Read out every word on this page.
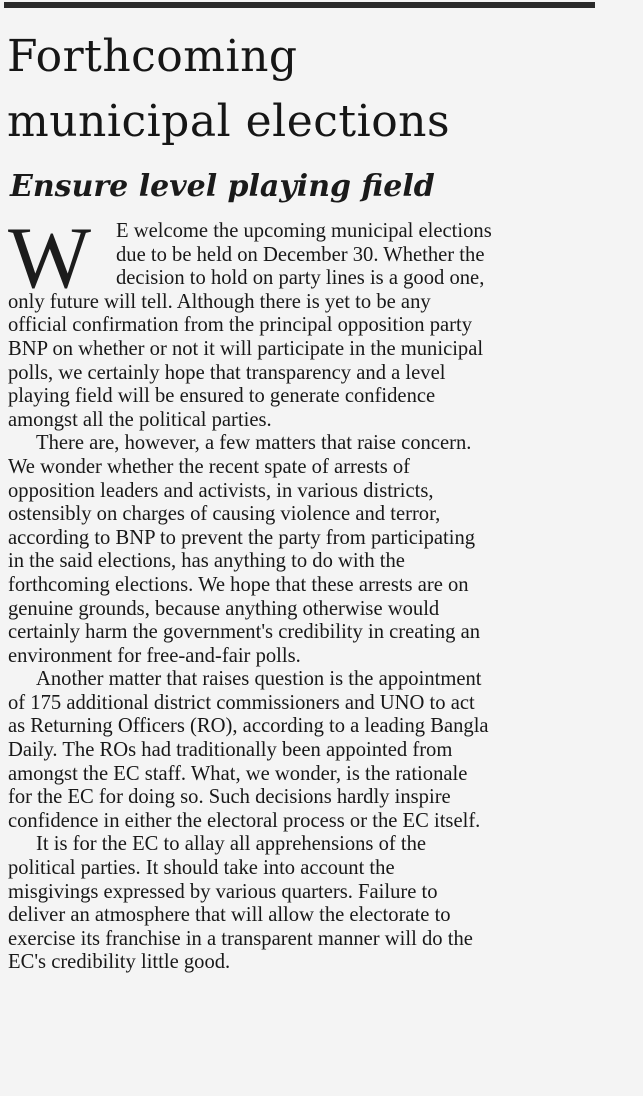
Forthcoming
municipal elections
Ensure level playing field
W E welcome the upcoming municipal elections
due to be held on December 30. Whether the
decision to hold on party lines is a good one,
only future will tell. Although there is yet to be any
official confirmation from the principal opposition party
BNP on whether or not it will participate in the municipal
polls, we certainly hope that transparency and a level
playing field will be ensured to generate confidence
amongst all the political parties.
There are, however, a few matters that raise concern.
We wonder whether the recent spate of arrests of
opposition leaders and activists, in various districts,
ostensibly on charges of causing violence and terror,
according to BNP to prevent the party from participating
in the said elections, has anything to do with the
forthcoming elections. We hope that these arrests are on
genuine grounds, because anything otherwise would
certainly harm the government's credibility in creating an
environment for free-and-fair polls.
Another matter that raises question is the appointment
of 175 additional district commissioners and UNO to act
as Returning Officers (RO), according to a leading Bangla
Daily. The ROs had traditionally been appointed from
amongst the EC staff. What, we wonder, is the rationale
for the EC for doing so. Such decisions hardly inspire
confidence in either the electoral process or the EC itself.
It is for the EC to allay all apprehensions of the
political parties. It should take into account the
misgivings expressed by various quarters. Failure to
deliver an atmosphere that will allow the electorate to
exercise its franchise in a transparent manner will do the
EC's credibility little good.
